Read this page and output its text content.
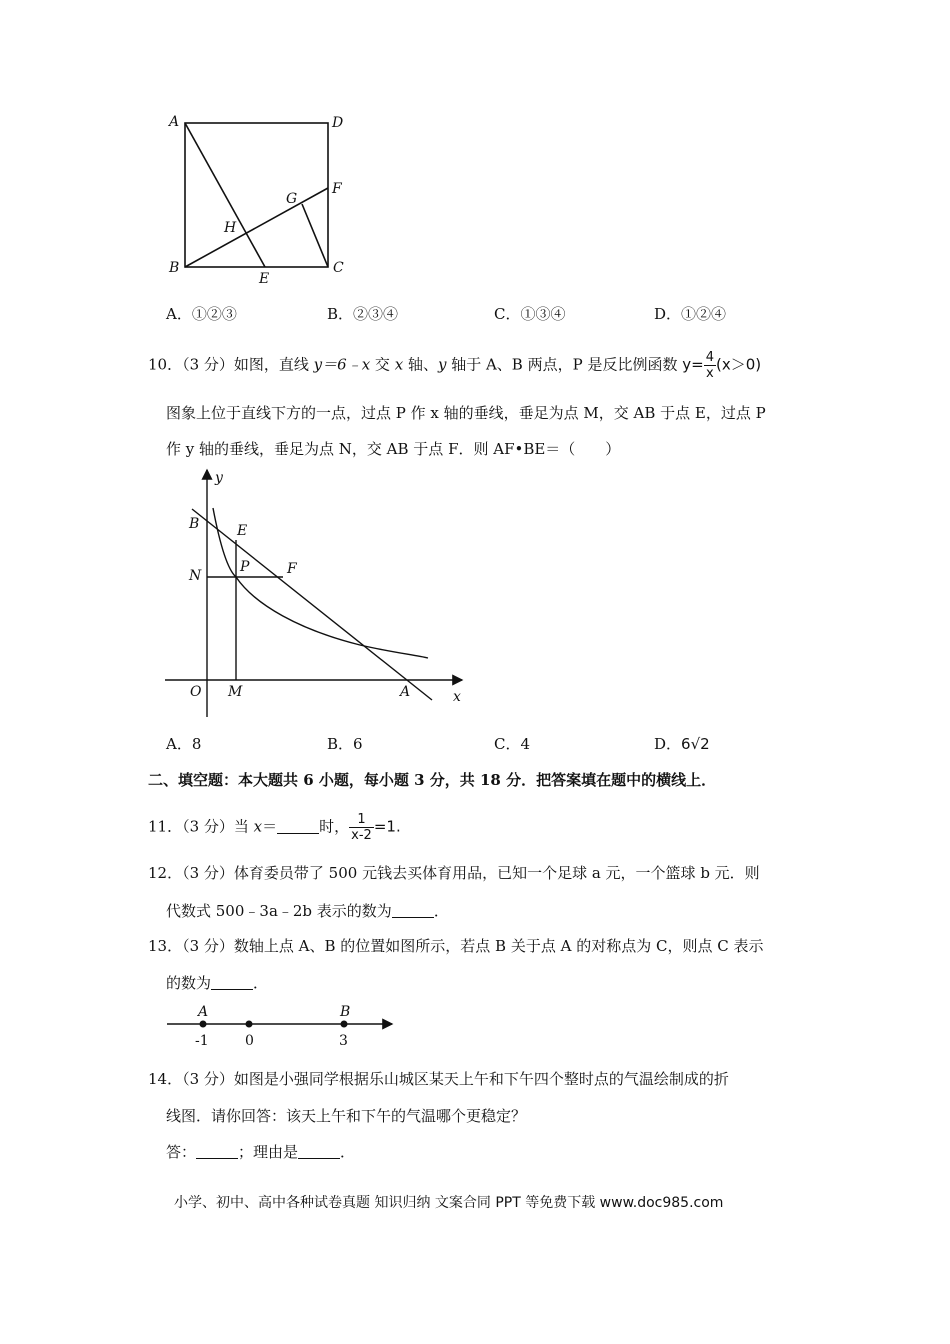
A	D
B	C
E
F
G
H
A．①②③	B．②③④	C．①③④	D．①②④
10．（3 分）如图，直线 y＝6﹣x 交 x 轴、y 轴于 A、B 两点，P 是反比例函数 $y= \frac{4}{x} (x>0)$
图象上位于直线下方的一点，过点 P 作 x 轴的垂线，垂足为点 M，交 AB 于点 E，过点 P
作 y 轴的垂线，垂足为点 N，交 AB 于点 F．则 AF•BE＝（　　）
y
x
O M	A
B	E
N
P	F
A．8	B．6	C．4	D．6√2
二、填空题：本大题共 6 小题，每小题 3 分，共 18 分．把答案填在题中的横线上．
11．（3 分）当 x＝	时， $\frac{1}{x-2} =1$.
12．（3 分）体育委员带了 500 元钱去买体育用品，已知一个足球 a 元，一个篮球 b 元．则
代数式 500﹣3a﹣2b 表示的数为	．
13．（3 分）数轴上点 A、B 的位置如图所示，若点 B 关于点 A 的对称点为 C，则点 C 表示
的数为	．
A	B
-1	0	3
14．（3 分）如图是小强同学根据乐山城区某天上午和下午四个整时点的气温绘制成的折
线图．请你回答：该天上午和下午的气温哪个更稳定？
答：	；理由是	．
小学、初中、高中各种试卷真题 知识归纳 文案合同 PPT 等免费下载 www.doc985.com
